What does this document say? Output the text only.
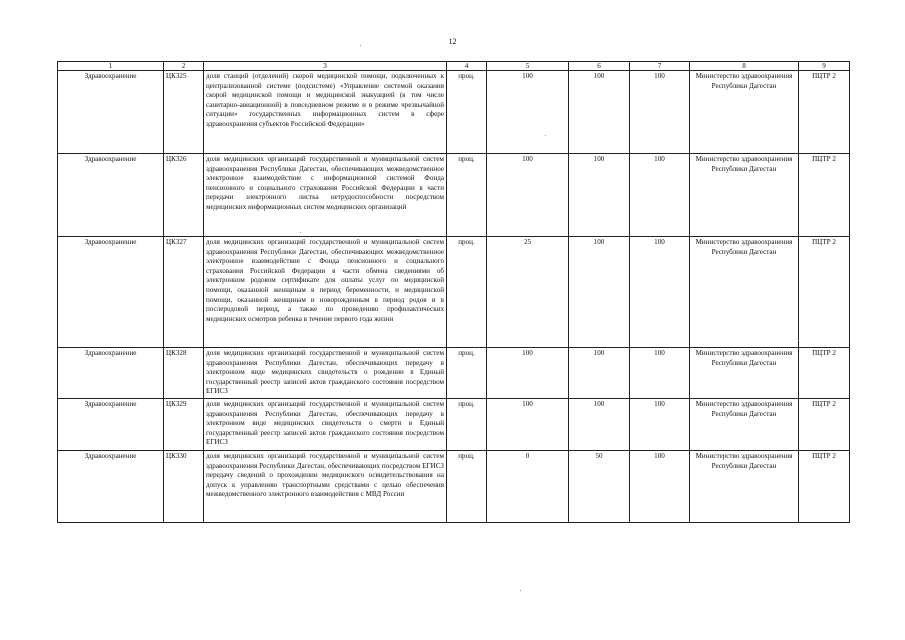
12
1	2	3	4	5	6	7	8	9
Здравоохранение	ЦК325	доля станций (отделений) скорой медицинской помощи, подключенных к централизованной системе (подсистеме) «Управление системой оказания скорой медицинской помощи и медицинской эвакуацией (в том числе санитарно-авиационной) в повседневном режиме и в режиме чрезвычайной ситуации» государственных информационных систем в сфере здравоохранения субъектов Российской Федерации»	проц.	100	100	100	Министерство здравоохранения Республики Дагестан	ПЦТР 2
Здравоохранение	ЦК326	доля медицинских организаций государственной и муниципальной систем здравоохранения Республики Дагестан, обеспечивающих межведомственное электронное взаимодействие с информационной системой Фонда пенсионного и социального страхования Российской Федерации в части передачи электронного листка нетрудоспособности посредством медицинских информационных систем медицинских организаций	проц.	100	100	100	Министерство здравоохранения Республики Дагестан	ПЦТР 2
Здравоохранение	ЦК327	доля медицинских организаций государственной и муниципальной систем здравоохранения Республики Дагестан, обеспечивающих межведомственное электронное взаимодействие с Фонда пенсионного и социального страхования Российской Федерации в части обмена сведениями об электронном родовом сертификате для оплаты услуг по медицинской помощи, оказанной женщинам в период беременности, и медицинской помощи, оказанной женщинам и новорожденным в период родов и в послеродовой период, а также по проведению профилактических медицинских осмотров ребенка в течение первого года жизни	проц.	25	100	100	Министерство здравоохранения Республики Дагестан	ПЦТР 2
Здравоохранение	ЦК328	доля медицинских организаций государственной и муниципальной систем здравоохранения Республики Дагестан, обеспечивающих передачу в электронном виде медицинских свидетельств о рождении в Единый государственный реестр записей актов гражданского состояния посредством ЕГИСЗ	проц.	100	100	100	Министерство здравоохранения Республики Дагестан	ПЦТР 2
Здравоохранение	ЦК329	доля медицинских организаций государственной и муниципальной систем здравоохранения Республики Дагестан, обеспечивающих передачу в электронном виде медицинских свидетельств о смерти в Единый государственный реестр записей актов гражданского состояния посредством ЕГИСЗ	проц.	100	100	100	Министерство здравоохранения Республики Дагестан	ПЦТР 2
Здравоохранение	ЦК330	доля медицинских организаций государственной и муниципальной систем здравоохранения Республики Дагестан, обеспечивающих посредством ЕГИСЗ передачу сведений о прохождении медицинского освидетельствования на допуск к управлению транспортными средствами с целью обеспечения межведомственного электронного взаимодействия с МВД России	проц.	0	50	100	Министерство здравоохранения Республики Дагестан	ПЦТР 2
